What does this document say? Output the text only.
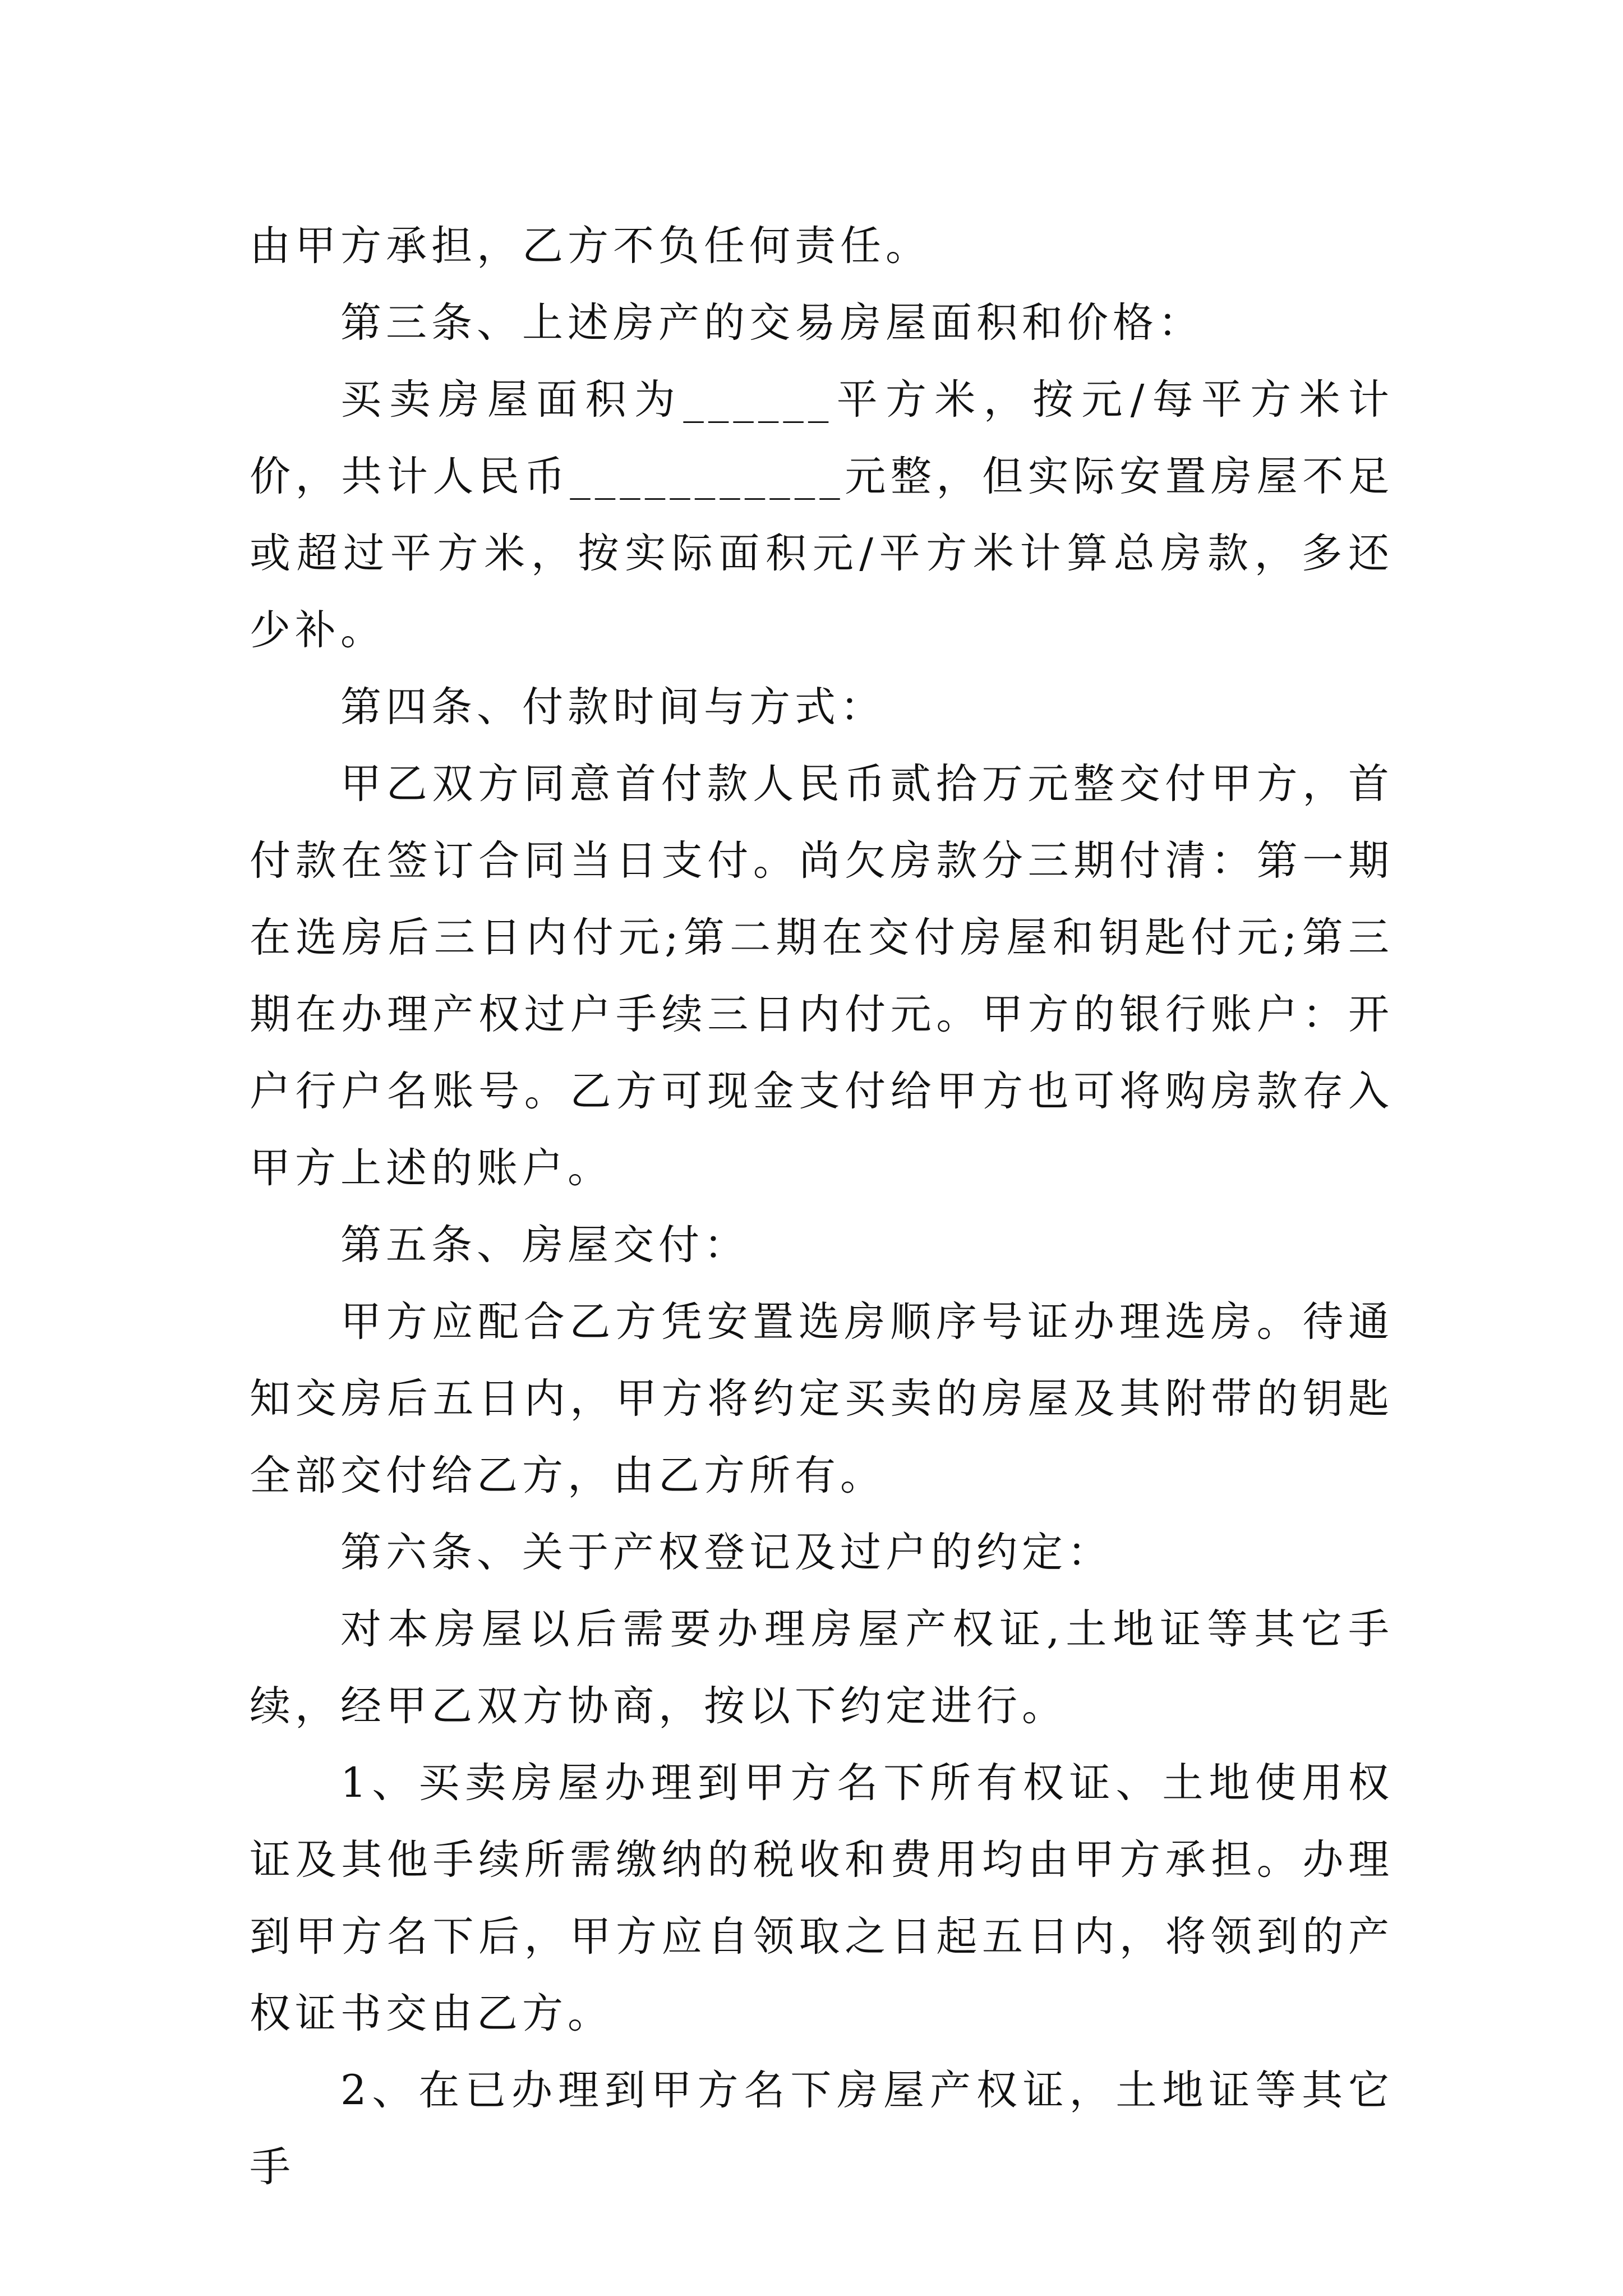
由甲方承担，乙方不负任何责任。

第三条、上述房产的交易房屋面积和价格：

买卖房屋面积为______平方米，按元/每平方米计价，共计人民币___________元整，但实际安置房屋不足或超过平方米，按实际面积元/平方米计算总房款，多还少补。

第四条、付款时间与方式：

甲乙双方同意首付款人民币贰拾万元整交付甲方，首付款在签订合同当日支付。尚欠房款分三期付清：第一期在选房后三日内付元;第二期在交付房屋和钥匙付元;第三期在办理产权过户手续三日内付元。甲方的银行账户：开户行户名账号。乙方可现金支付给甲方也可将购房款存入甲方上述的账户。

第五条、房屋交付：

甲方应配合乙方凭安置选房顺序号证办理选房。待通知交房后五日内，甲方将约定买卖的房屋及其附带的钥匙全部交付给乙方，由乙方所有。

第六条、关于产权登记及过户的约定：

对本房屋以后需要办理房屋产权证,土地证等其它手续，经甲乙双方协商，按以下约定进行。

1、买卖房屋办理到甲方名下所有权证、土地使用权证及其他手续所需缴纳的税收和费用均由甲方承担。办理到甲方名下后，甲方应自领取之日起五日内，将领到的产权证书交由乙方。

2、在已办理到甲方名下房屋产权证，土地证等其它手
